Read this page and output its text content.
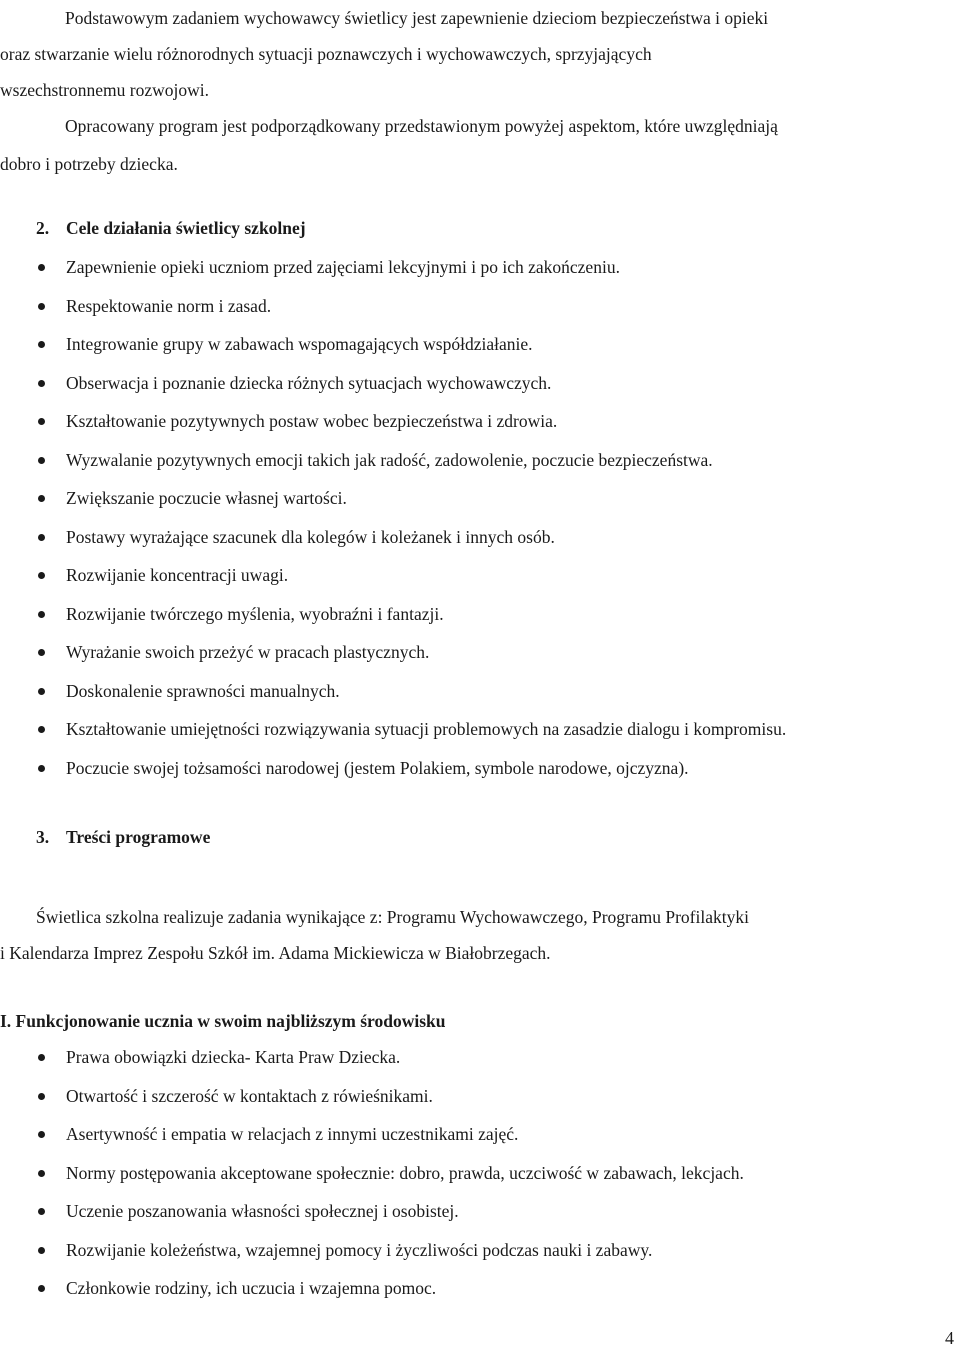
Podstawowym zadaniem wychowawcy świetlicy jest zapewnienie dzieciom bezpieczeństwa i opieki
oraz stwarzanie wielu różnorodnych sytuacji poznawczych i wychowawczych, sprzyjających
wszechstronnemu rozwojowi.
Opracowany program jest podporządkowany przedstawionym powyżej aspektom, które uwzględniają
dobro i potrzeby dziecka.
2. Cele działania świetlicy szkolnej
Zapewnienie opieki uczniom przed zajęciami lekcyjnymi i po ich zakończeniu.
Respektowanie norm i zasad.
Integrowanie grupy w zabawach wspomagających współdziałanie.
Obserwacja i poznanie dziecka różnych sytuacjach wychowawczych.
Kształtowanie pozytywnych postaw wobec bezpieczeństwa i zdrowia.
Wyzwalanie pozytywnych emocji takich jak radość, zadowolenie, poczucie bezpieczeństwa.
Zwiększanie poczucie własnej wartości.
Postawy wyrażające szacunek dla kolegów i koleżanek i innych osób.
Rozwijanie koncentracji uwagi.
Rozwijanie twórczego myślenia, wyobraźni i fantazji.
Wyrażanie swoich przeżyć w pracach plastycznych.
Doskonalenie sprawności manualnych.
Kształtowanie umiejętności rozwiązywania sytuacji problemowych na zasadzie dialogu i kompromisu.
Poczucie swojej tożsamości narodowej (jestem Polakiem, symbole narodowe, ojczyzna).
3. Treści programowe
Świetlica szkolna realizuje zadania wynikające z: Programu Wychowawczego, Programu Profilaktyki
i Kalendarza Imprez Zespołu Szkół im. Adama Mickiewicza w Białobrzegach.
I. Funkcjonowanie ucznia w swoim najbliższym środowisku
Prawa obowiązki dziecka- Karta Praw Dziecka.
Otwartość i szczerość w kontaktach z rówieśnikami.
Asertywność i empatia w relacjach z innymi uczestnikami zajęć.
Normy postępowania akceptowane społecznie: dobro, prawda, uczciwość w zabawach, lekcjach.
Uczenie poszanowania własności społecznej i osobistej.
Rozwijanie koleżeństwa, wzajemnej pomocy i życzliwości podczas nauki i zabawy.
Członkowie rodziny, ich uczucia i wzajemna pomoc.
4
